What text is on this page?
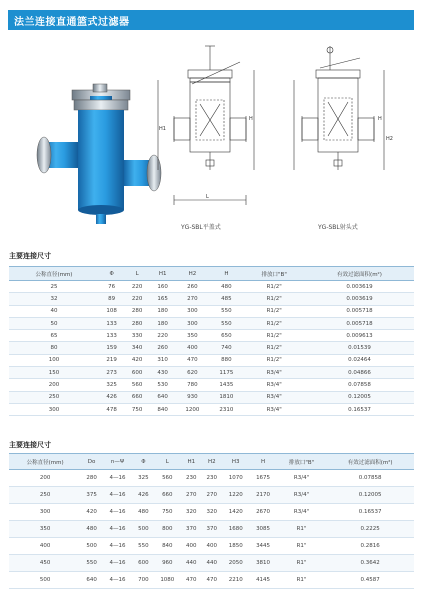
法兰连接直通篮式过滤器
H
H1
L
YG-SBL平盖式
H
H2
YG-SBL射头式
主要连接尺寸
公称直径(mm)	Φ	L	H1	H2	H	排放口"B"	有效过滤面积(m²)
25	76	220	160	260	480	R1/2"	0.003619
32	89	220	165	270	485	R1/2"	0.003619
40	108	280	180	300	550	R1/2"	0.005718
50	133	280	180	300	550	R1/2"	0.005718
65	133	330	220	350	650	R1/2"	0.009613
80	159	340	260	400	740	R1/2"	0.01539
100	219	420	310	470	880	R1/2"	0.02464
150	273	600	430	620	1175	R3/4"	0.04866
200	325	560	530	780	1435	R3/4"	0.07858
250	426	660	640	930	1810	R3/4"	0.12005
300	478	750	840	1200	2310	R3/4"	0.16537
主要连接尺寸
公称直径(mm)	Do	n—Ψ	Φ	L	H1	H2	H3	H	排放口"B"	有效过滤面积(m²)
200	280	4—16	325	560	230	230	1070	1675	R3/4"	0.07858
250	375	4—16	426	660	270	270	1220	2170	R3/4"	0.12005
300	420	4—16	480	750	320	320	1420	2670	R3/4"	0.16537
350	480	4—16	500	800	370	370	1680	3085	R1"	0.2225
400	500	4—16	550	840	400	400	1850	3445	R1"	0.2816
450	550	4—16	600	960	440	440	2050	3810	R1"	0.3642
500	640	4—16	700	1080	470	470	2210	4145	R1"	0.4587
